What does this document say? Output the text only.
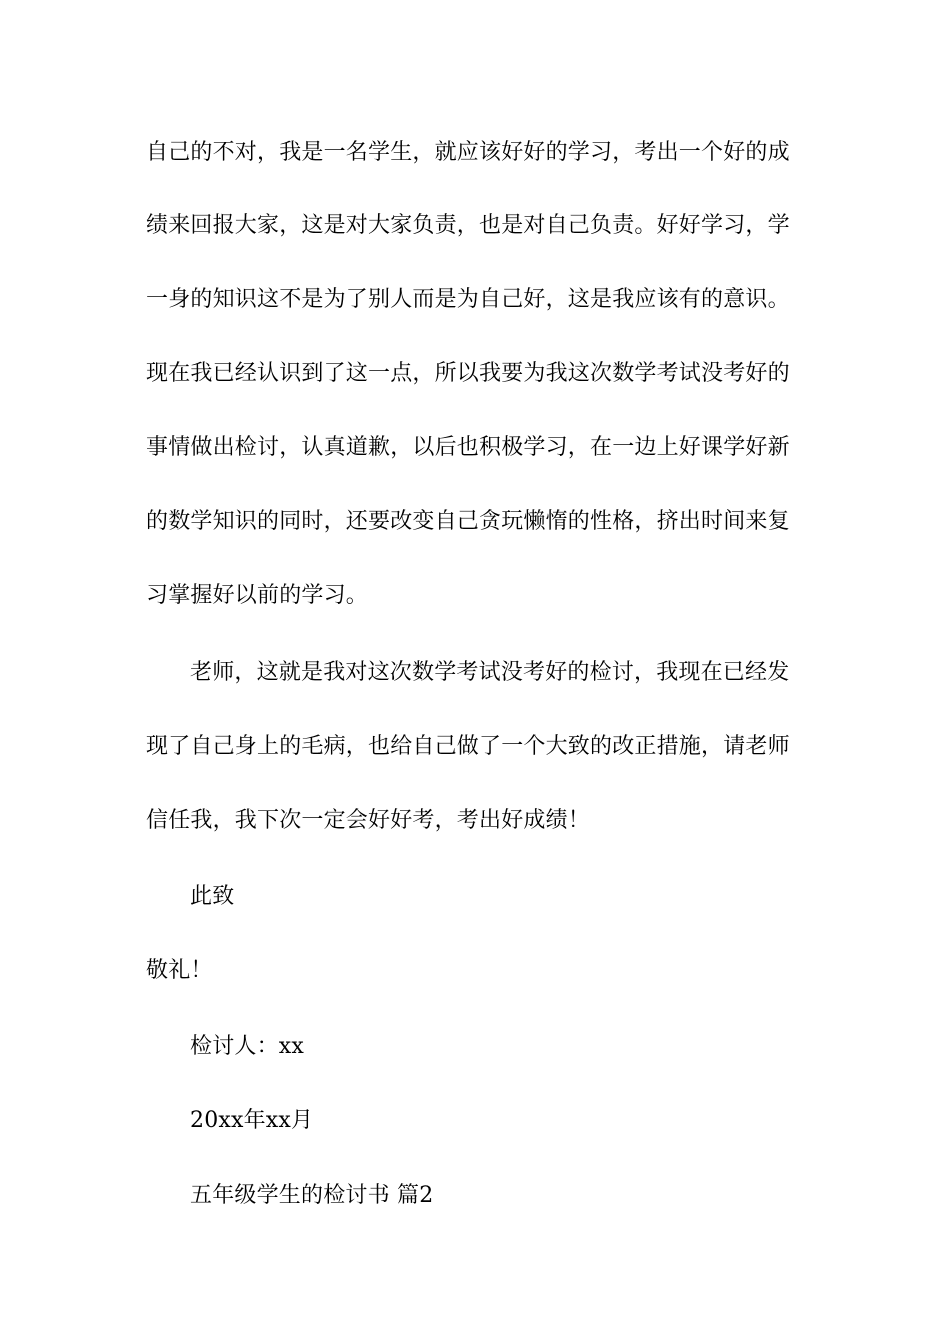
自己的不对，我是一名学生，就应该好好的学习，考出一个好的成
绩来回报大家，这是对大家负责，也是对自己负责。好好学习，学
一身的知识这不是为了别人而是为自己好，这是我应该有的意识。
现在我已经认识到了这一点，所以我要为我这次数学考试没考好的
事情做出检讨，认真道歉，以后也积极学习，在一边上好课学好新
的数学知识的同时，还要改变自己贪玩懒惰的性格，挤出时间来复
习掌握好以前的学习。
老师，这就是我对这次数学考试没考好的检讨，我现在已经发
现了自己身上的毛病，也给自己做了一个大致的改正措施，请老师
信任我，我下次一定会好好考，考出好成绩！
此致
敬礼！
检讨人：xx
20xx年xx月
五年级学生的检讨书 篇2
